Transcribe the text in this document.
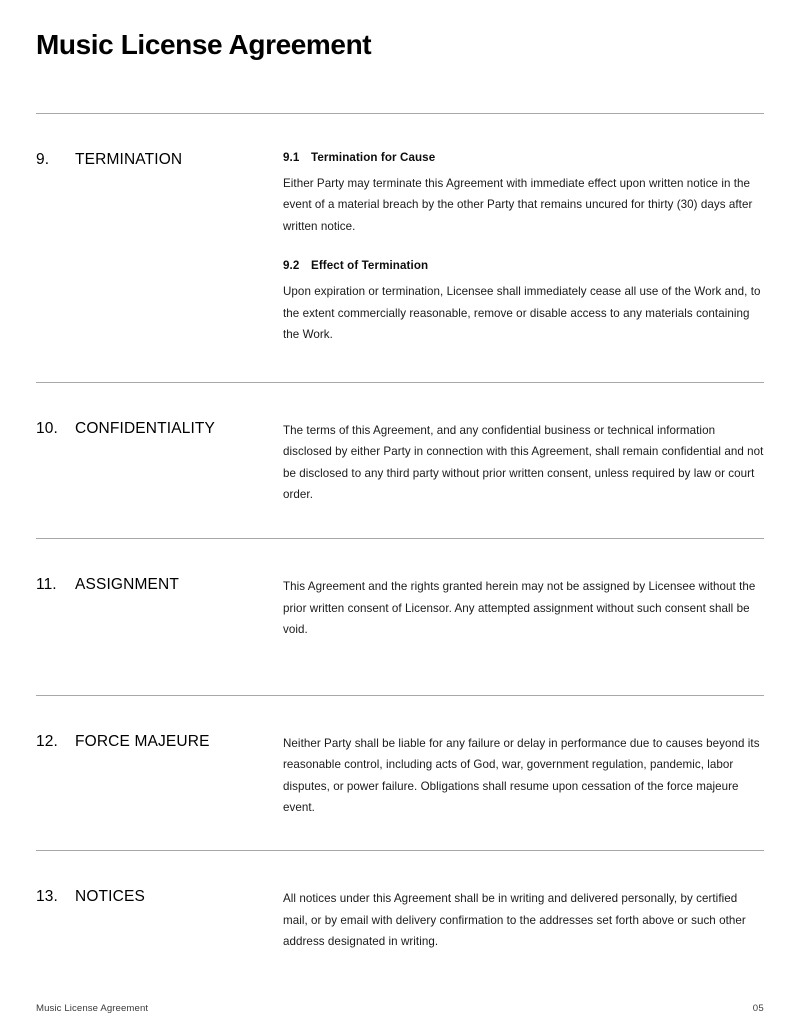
Music License Agreement
9.	TERMINATION	9.1 Termination for Cause

Either Party may terminate this Agreement with immediate effect upon written notice in the event of a material breach by the other Party that remains uncured for thirty (30) days after written notice.

9.2 Effect of Termination

Upon expiration or termination, Licensee shall immediately cease all use of the Work and, to the extent commercially reasonable, remove or disable access to any materials containing the Work.

10.	CONFIDENTIALITY	The terms of this Agreement, and any confidential business or technical information disclosed by either Party in connection with this Agreement, shall remain confidential and not be disclosed to any third party without prior written consent, unless required by law or court order.

11.	ASSIGNMENT	This Agreement and the rights granted herein may not be assigned by Licensee without the prior written consent of Licensor. Any attempted assignment without such consent shall be void.

12.	FORCE MAJEURE	Neither Party shall be liable for any failure or delay in performance due to causes beyond its reasonable control, including acts of God, war, government regulation, pandemic, labor disputes, or power failure. Obligations shall resume upon cessation of the force majeure event.

13.	NOTICES	All notices under this Agreement shall be in writing and delivered personally, by certified mail, or by email with delivery confirmation to the addresses set forth above or such other address designated in writing.

Music License Agreement	05
